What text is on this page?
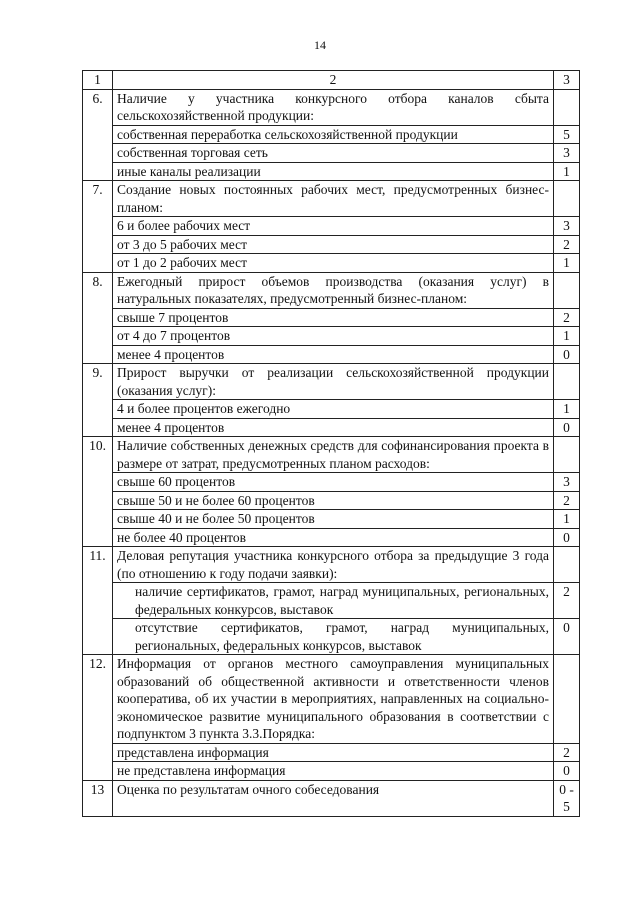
14
1	2	3
6.	Наличие у участника конкурсного отбора каналов сбыта сельскохозяйственной продукции:	
	собственная переработка сельскохозяйственной продукции	5
	собственная торговая сеть	3
	иные каналы реализации	1
7.	Создание новых постоянных рабочих мест, предусмотренных бизнес-планом:	
	6 и более рабочих мест	3
	от 3 до 5 рабочих мест	2
	от 1 до 2 рабочих мест	1
8.	Ежегодный прирост объемов производства (оказания услуг) в натуральных показателях, предусмотренный бизнес-планом:	
	свыше 7 процентов	2
	от 4 до 7 процентов	1
	менее 4 процентов	0
9.	Прирост выручки от реализации сельскохозяйственной продукции (оказания услуг):	
	4 и более процентов ежегодно	1
	менее 4 процентов	0
10.	Наличие собственных денежных средств для софинансирования проекта в размере от затрат, предусмотренных планом расходов:	
	свыше 60 процентов	3
	свыше 50 и не более 60 процентов	2
	свыше 40 и не более 50 процентов	1
	не более 40 процентов	0
11.	Деловая репутация участника конкурсного отбора за предыдущие 3 года (по отношению к году подачи заявки):	
	наличие сертификатов, грамот, наград муниципальных, региональных, федеральных конкурсов, выставок	2
	отсутствие сертификатов, грамот, наград муниципальных, региональных, федеральных конкурсов, выставок	0
12.	Информация от органов местного самоуправления муниципальных образований об общественной активности и ответственности членов кооператива, об их участии в мероприятиях, направленных на социально-экономическое развитие муниципального образования в соответствии с подпунктом 3 пункта 3.3.Порядка:	
	представлена информация	2
	не представлена информация	0
13	Оценка по результатам очного собеседования	0 - 5
